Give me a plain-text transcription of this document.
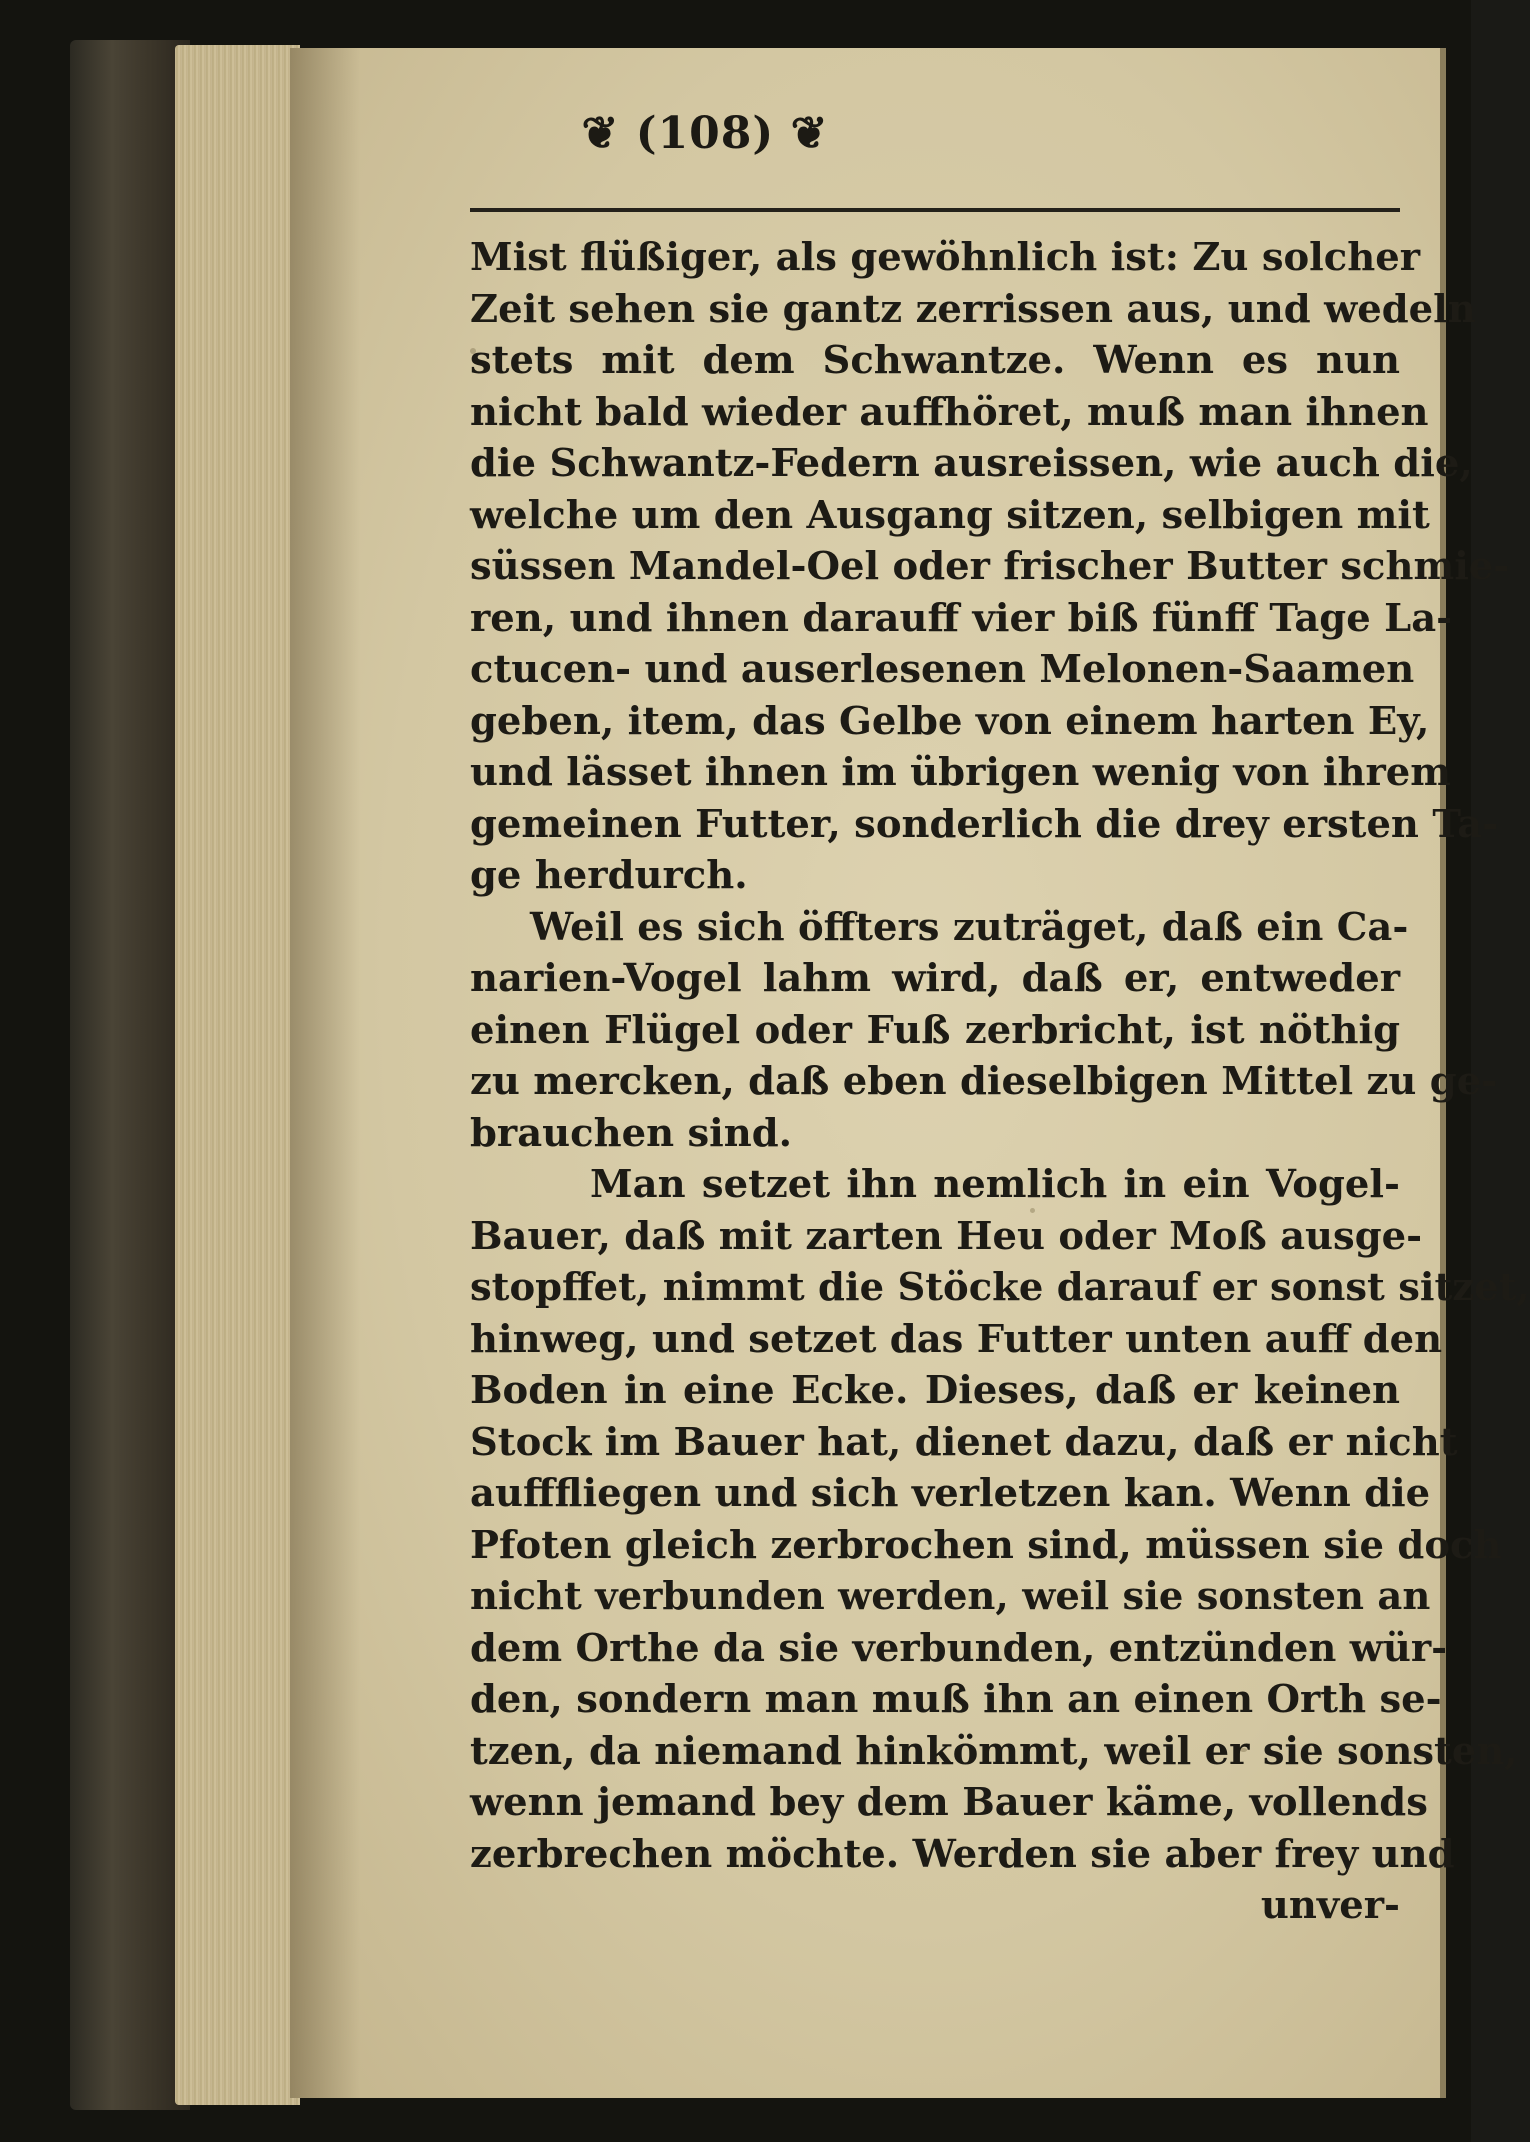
❦ (108) ❦
Mist flüßiger, als gewöhnlich ist: Zu solcher
Zeit sehen sie gantz zerrissen aus, und wedeln
stets mit dem Schwantze. Wenn es nun
nicht bald wieder auffhöret, muß man ihnen
die Schwantz-Federn ausreissen, wie auch die,
welche um den Ausgang sitzen, selbigen mit
süssen Mandel-Oel oder frischer Butter schmie-
ren, und ihnen darauff vier biß fünff Tage La-
ctucen- und auserlesenen Melonen-Saamen
geben, item, das Gelbe von einem harten Ey,
und lässet ihnen im übrigen wenig von ihrem
gemeinen Futter, sonderlich die drey ersten Ta-
ge herdurch.
Weil es sich öffters zuträget, daß ein Ca-
narien-Vogel lahm wird, daß er, entweder
einen Flügel oder Fuß zerbricht, ist nöthig
zu mercken, daß eben dieselbigen Mittel zu ge-
brauchen sind.
Man setzet ihn nemlich in ein Vogel-
Bauer, daß mit zarten Heu oder Moß ausge-
stopffet, nimmt die Stöcke darauf er sonst sitzet,
hinweg, und setzet das Futter unten auff den
Boden in eine Ecke. Dieses, daß er keinen
Stock im Bauer hat, dienet dazu, daß er nicht
aufffliegen und sich verletzen kan. Wenn die
Pfoten gleich zerbrochen sind, müssen sie doch
nicht verbunden werden, weil sie sonsten an
dem Orthe da sie verbunden, entzünden wür-
den, sondern man muß ihn an einen Orth se-
tzen, da niemand hinkömmt, weil er sie sonsten,
wenn jemand bey dem Bauer käme, vollends
zerbrechen möchte. Werden sie aber frey und
unver-
